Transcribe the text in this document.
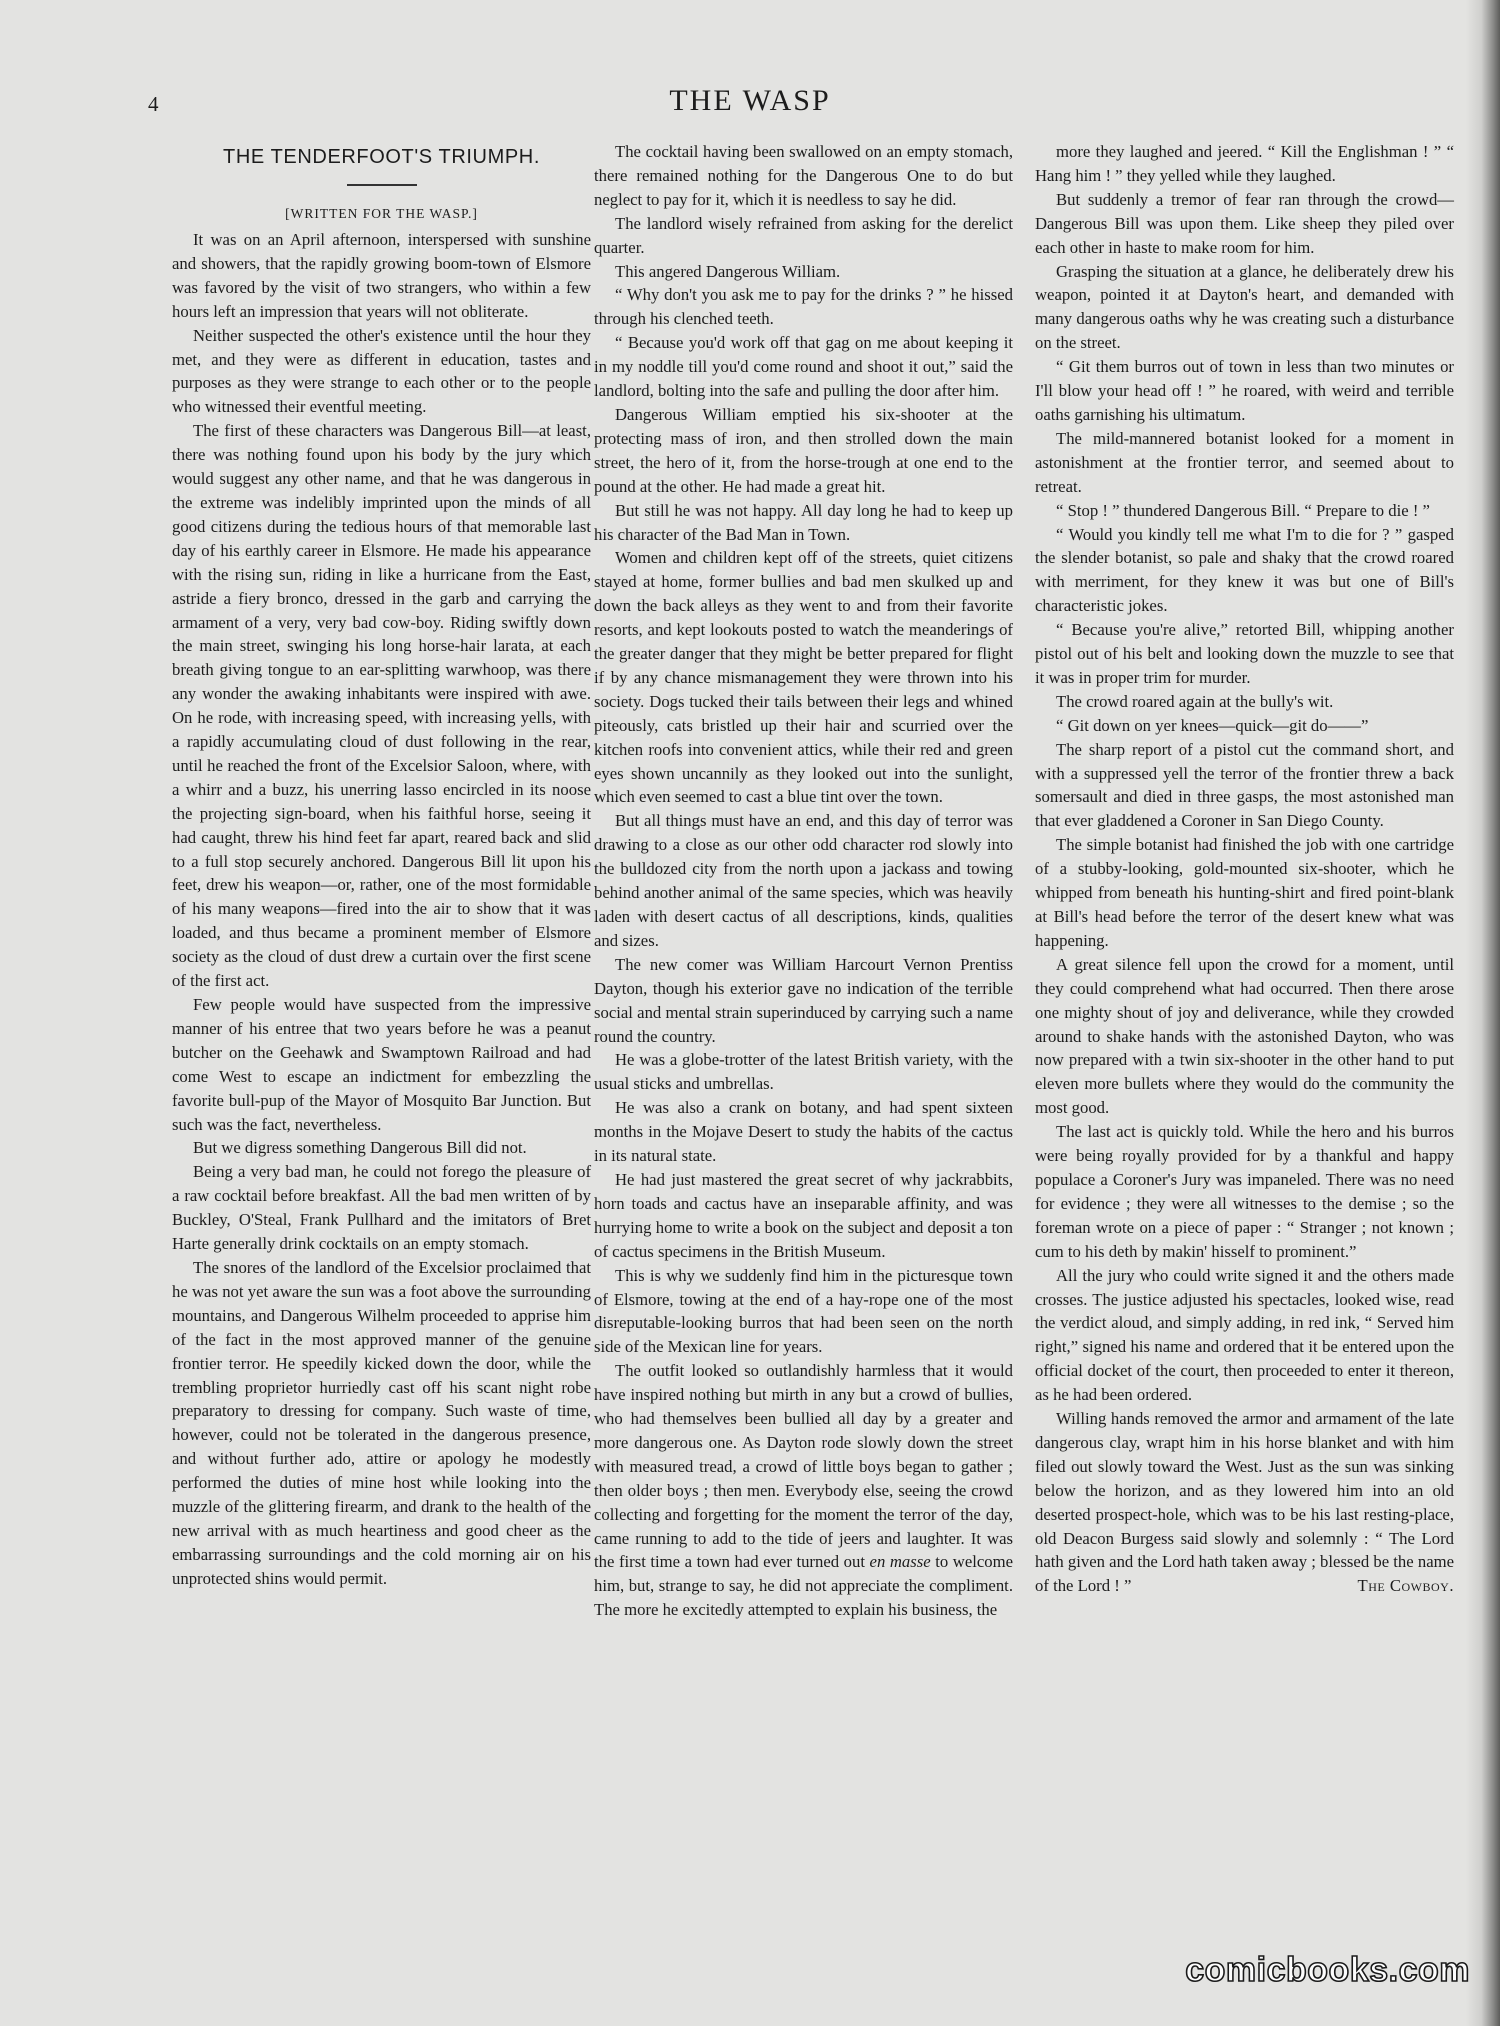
4	THE WASP
THE TENDERFOOT'S TRIUMPH.
[WRITTEN FOR THE WASP.]

It was on an April afternoon, interspersed with sunshine and showers, that the rapidly growing boom-town of Elsmore was favored by the visit of two strangers, who within a few hours left an impression that years will not obliterate.

Neither suspected the other's existence until the hour they met, and they were as different in education, tastes and purposes as they were strange to each other or to the people who witnessed their eventful meeting.

The first of these characters was Dangerous Bill—at least, there was nothing found upon his body by the jury which would suggest any other name, and that he was dangerous in the extreme was indelibly imprinted upon the minds of all good citizens during the tedious hours of that memorable last day of his earthly career in Elsmore. He made his appearance with the rising sun, riding in like a hurricane from the East, astride a fiery bronco, dressed in the garb and carrying the armament of a very, very bad cow-boy. Riding swiftly down the main street, swinging his long horse-hair larata, at each breath giving tongue to an ear-splitting warwhoop, was there any wonder the awaking inhabitants were inspired with awe. On he rode, with increasing speed, with increasing yells, with a rapidly accumulating cloud of dust following in the rear, until he reached the front of the Excelsior Saloon, where, with a whirr and a buzz, his unerring lasso encircled in its noose the projecting sign-board, when his faithful horse, seeing it had caught, threw his hind feet far apart, reared back and slid to a full stop securely anchored. Dangerous Bill lit upon his feet, drew his weapon—or, rather, one of the most formidable of his many weapons—fired into the air to show that it was loaded, and thus became a prominent member of Elsmore society as the cloud of dust drew a curtain over the first scene of the first act.

Few people would have suspected from the impressive manner of his entree that two years before he was a peanut butcher on the Geehawk and Swamptown Railroad and had come West to escape an indictment for embezzling the favorite bull-pup of the Mayor of Mosquito Bar Junction. But such was the fact, nevertheless.

But we digress something Dangerous Bill did not.

Being a very bad man, he could not forego the pleasure of a raw cocktail before breakfast. All the bad men written of by Buckley, O'Steal, Frank Pullhard and the imitators of Bret Harte generally drink cocktails on an empty stomach.

The snores of the landlord of the Excelsior proclaimed that he was not yet aware the sun was a foot above the surrounding mountains, and Dangerous Wilhelm proceeded to apprise him of the fact in the most approved manner of the genuine frontier terror. He speedily kicked down the door, while the trembling proprietor hurriedly cast off his scant night robe preparatory to dressing for company. Such waste of time, however, could not be tolerated in the dangerous presence, and without further ado, attire or apology he modestly performed the duties of mine host while looking into the muzzle of the glittering firearm, and drank to the health of the new arrival with as much heartiness and good cheer as the embarrassing surroundings and the cold morning air on his unprotected shins would permit.

The cocktail having been swallowed on an empty stomach, there remained nothing for the Dangerous One to do but neglect to pay for it, which it is needless to say he did.

The landlord wisely refrained from asking for the derelict quarter.

This angered Dangerous William.

“ Why don't you ask me to pay for the drinks ? ” he hissed through his clenched teeth.

“ Because you'd work off that gag on me about keeping it in my noddle till you'd come round and shoot it out,” said the landlord, bolting into the safe and pulling the door after him.

Dangerous William emptied his six-shooter at the protecting mass of iron, and then strolled down the main street, the hero of it, from the horse-trough at one end to the pound at the other. He had made a great hit.

But still he was not happy. All day long he had to keep up his character of the Bad Man in Town.

Women and children kept off of the streets, quiet citizens stayed at home, former bullies and bad men skulked up and down the back alleys as they went to and from their favorite resorts, and kept lookouts posted to watch the meanderings of the greater danger that they might be better prepared for flight if by any chance mismanagement they were thrown into his society. Dogs tucked their tails between their legs and whined piteously, cats bristled up their hair and scurried over the kitchen roofs into convenient attics, while their red and green eyes shown uncannily as they looked out into the sunlight, which even seemed to cast a blue tint over the town.

But all things must have an end, and this day of terror was drawing to a close as our other odd character rod slowly into the bulldozed city from the north upon a jackass and towing behind another animal of the same species, which was heavily laden with desert cactus of all descriptions, kinds, qualities and sizes.

The new comer was William Harcourt Vernon Prentiss Dayton, though his exterior gave no indication of the terrible social and mental strain superinduced by carrying such a name round the country.

He was a globe-trotter of the latest British variety, with the usual sticks and umbrellas.

He was also a crank on botany, and had spent sixteen months in the Mojave Desert to study the habits of the cactus in its natural state.

He had just mastered the great secret of why jackrabbits, horn toads and cactus have an inseparable affinity, and was hurrying home to write a book on the subject and deposit a ton of cactus specimens in the British Museum.

This is why we suddenly find him in the picturesque town of Elsmore, towing at the end of a hay-rope one of the most disreputable-looking burros that had been seen on the north side of the Mexican line for years.

The outfit looked so outlandishly harmless that it would have inspired nothing but mirth in any but a crowd of bullies, who had themselves been bullied all day by a greater and more dangerous one. As Dayton rode slowly down the street with measured tread, a crowd of little boys began to gather ; then older boys ; then men. Everybody else, seeing the crowd collecting and forgetting for the moment the terror of the day, came running to add to the tide of jeers and laughter. It was the first time a town had ever turned out en masse to welcome him, but, strange to say, he did not appreciate the compliment. The more he excitedly attempted to explain his business, the

more they laughed and jeered. “ Kill the Englishman ! ” “ Hang him ! ” they yelled while they laughed.

But suddenly a tremor of fear ran through the crowd—Dangerous Bill was upon them. Like sheep they piled over each other in haste to make room for him.

Grasping the situation at a glance, he deliberately drew his weapon, pointed it at Dayton's heart, and demanded with many dangerous oaths why he was creating such a disturbance on the street.

“ Git them burros out of town in less than two minutes or I'll blow your head off ! ” he roared, with weird and terrible oaths garnishing his ultimatum.

The mild-mannered botanist looked for a moment in astonishment at the frontier terror, and seemed about to retreat.

“ Stop ! ” thundered Dangerous Bill. “ Prepare to die ! ”

“ Would you kindly tell me what I'm to die for ? ” gasped the slender botanist, so pale and shaky that the crowd roared with merriment, for they knew it was but one of Bill's characteristic jokes.

“ Because you're alive,” retorted Bill, whipping another pistol out of his belt and looking down the muzzle to see that it was in proper trim for murder.

The crowd roared again at the bully's wit.

“ Git down on yer knees—quick—git do——”

The sharp report of a pistol cut the command short, and with a suppressed yell the terror of the frontier threw a back somersault and died in three gasps, the most astonished man that ever gladdened a Coroner in San Diego County.

The simple botanist had finished the job with one cartridge of a stubby-looking, gold-mounted six-shooter, which he whipped from beneath his hunting-shirt and fired point-blank at Bill's head before the terror of the desert knew what was happening.

A great silence fell upon the crowd for a moment, until they could comprehend what had occurred. Then there arose one mighty shout of joy and deliverance, while they crowded around to shake hands with the astonished Dayton, who was now prepared with a twin six-shooter in the other hand to put eleven more bullets where they would do the community the most good.

The last act is quickly told. While the hero and his burros were being royally provided for by a thankful and happy populace a Coroner's Jury was impaneled. There was no need for evidence ; they were all witnesses to the demise ; so the foreman wrote on a piece of paper : “ Stranger ; not known ; cum to his deth by makin' hisself to prominent.”

All the jury who could write signed it and the others made crosses. The justice adjusted his spectacles, looked wise, read the verdict aloud, and simply adding, in red ink, “ Served him right,” signed his name and ordered that it be entered upon the official docket of the court, then proceeded to enter it thereon, as he had been ordered.

Willing hands removed the armor and armament of the late dangerous clay, wrapt him in his horse blanket and with him filed out slowly toward the West. Just as the sun was sinking below the horizon, and as they lowered him into an old deserted prospect-hole, which was to be his last resting-place, old Deacon Burgess said slowly and solemnly : “ The Lord hath given and the Lord hath taken away ; blessed be the name of the Lord ! ”	The Cowboy.
comicbooks.com
